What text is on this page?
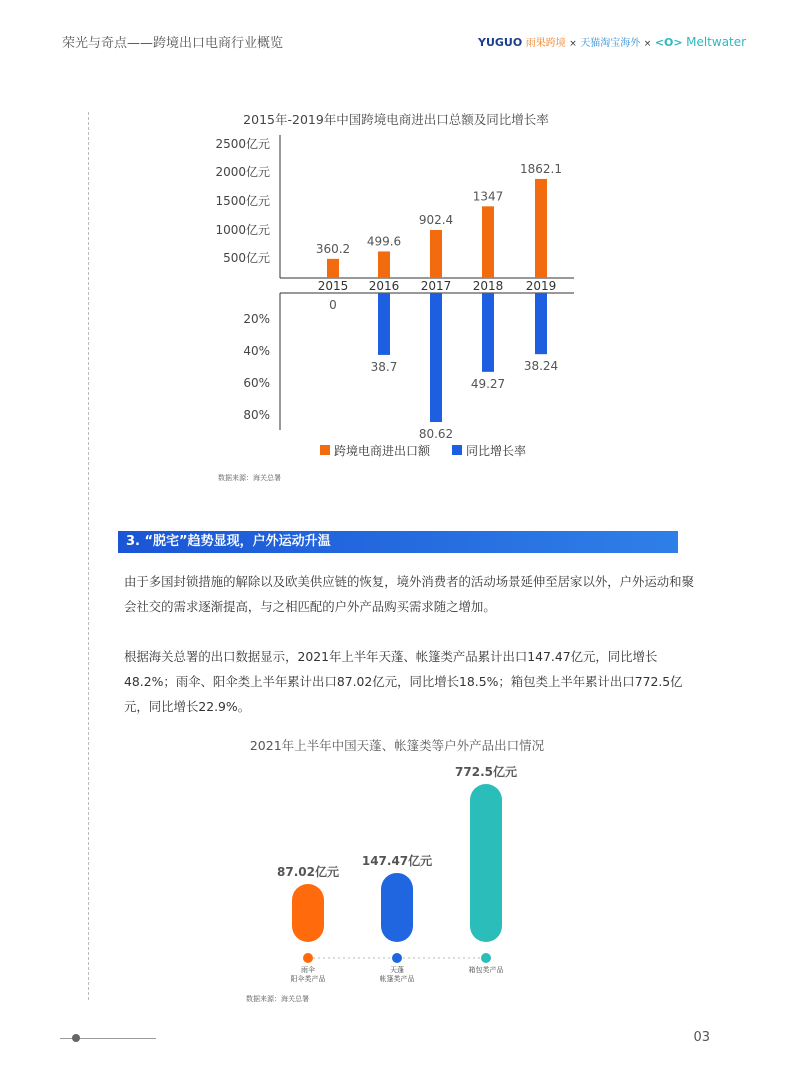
荣光与奇点——跨境出口电商行业概览	YUGUO 雨果跨境 × 天猫淘宝海外 × <O> Meltwater
2015年-2019年中国跨境电商进出口总额及同比增长率
2500亿元
2000亿元
1500亿元
1000亿元
500亿元
20%
40%
60%
80%
360.2
2015
0
499.6
2016
38.7
902.4
2017
80.62
1347
2018
49.27
1862.1
2019
38.24
跨境电商进出口额	同比增长率
数据来源：海关总署
3. “脱宅”趋势显现，户外运动升温
由于多国封锁措施的解除以及欧美供应链的恢复，境外消费者的活动场景延伸至居家以外，户外运动和聚会社交的需求逐渐提高，与之相匹配的户外产品购买需求随之增加。
根据海关总署的出口数据显示，2021年上半年天蓬、帐篷类产品累计出口147.47亿元，同比增长48.2%；雨伞、阳伞类上半年累计出口87.02亿元，同比增长18.5%；箱包类上半年累计出口772.5亿元，同比增长22.9%。
2021年上半年中国天蓬、帐篷类等户外产品出口情况
87.02亿元
雨伞
阳伞类产品
147.47亿元
天蓬
帐篷类产品
772.5亿元
箱包类产品
数据来源：海关总署
03
